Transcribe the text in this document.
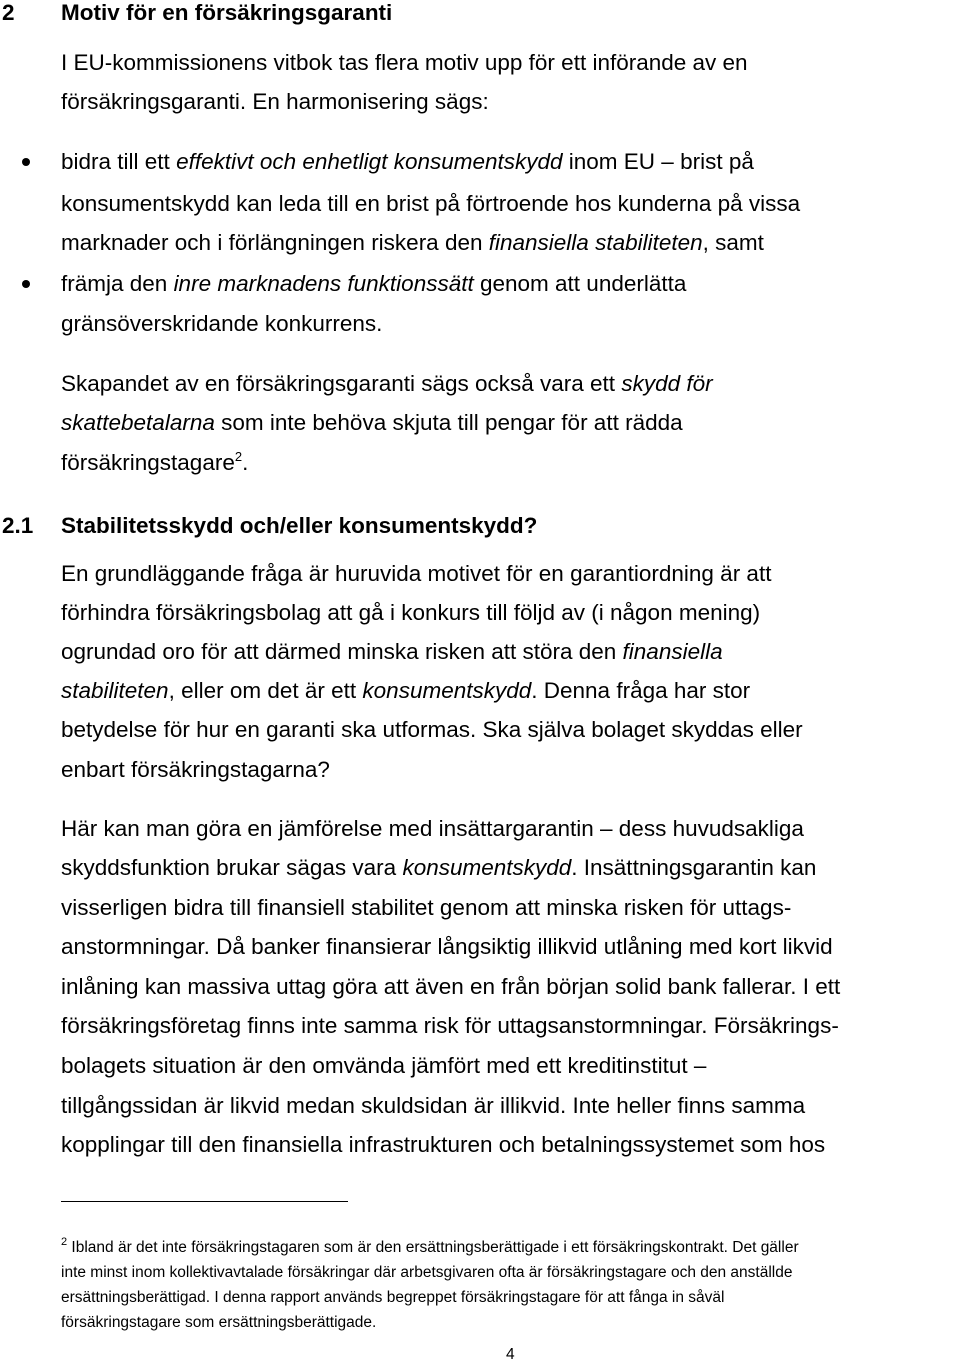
2 Motiv för en försäkringsgaranti
I EU-kommissionens vitbok tas flera motiv upp för ett införande av en
försäkringsgaranti. En harmonisering sägs:
bidra till ett effektivt och enhetligt konsumentskydd inom EU – brist på
konsumentskydd kan leda till en brist på förtroende hos kunderna på vissa
marknader och i förlängningen riskera den finansiella stabiliteten, samt
främja den inre marknadens funktionssätt genom att underlätta
gränsöverskridande konkurrens.
Skapandet av en försäkringsgaranti sägs också vara ett skydd för
skattebetalarna som inte behöva skjuta till pengar för att rädda
försäkringstagare$^2$.
2.1 Stabilitetsskydd och/eller konsumentskydd?
En grundläggande fråga är huruvida motivet för en garantiordning är att
förhindra försäkringsbolag att gå i konkurs till följd av (i någon mening)
ogrundad oro för att därmed minska risken att störa den finansiella
stabiliteten, eller om det är ett konsumentskydd. Denna fråga har stor
betydelse för hur en garanti ska utformas. Ska själva bolaget skyddas eller
enbart försäkringstagarna?
Här kan man göra en jämförelse med insättargarantin – dess huvudsakliga
skyddsfunktion brukar sägas vara konsumentskydd. Insättningsgarantin kan
visserligen bidra till finansiell stabilitet genom att minska risken för uttags-
anstormningar. Då banker finansierar långsiktig illikvid utlåning med kort likvid
inlåning kan massiva uttag göra att även en från början solid bank fallerar. I ett
försäkringsföretag finns inte samma risk för uttagsanstormningar. Försäkrings-
bolagets situation är den omvända jämfört med ett kreditinstitut –
tillgångssidan är likvid medan skuldsidan är illikvid. Inte heller finns samma
kopplingar till den finansiella infrastrukturen och betalningssystemet som hos
$^2$ Ibland är det inte försäkringstagaren som är den ersättningsberättigade i ett försäkringskontrakt. Det gäller
inte minst inom kollektivavtalade försäkringar där arbetsgivaren ofta är försäkringstagare och den anställde
ersättningsberättigad. I denna rapport används begreppet försäkringstagare för att fånga in såväl
försäkringstagare som ersättningsberättigade.
4
